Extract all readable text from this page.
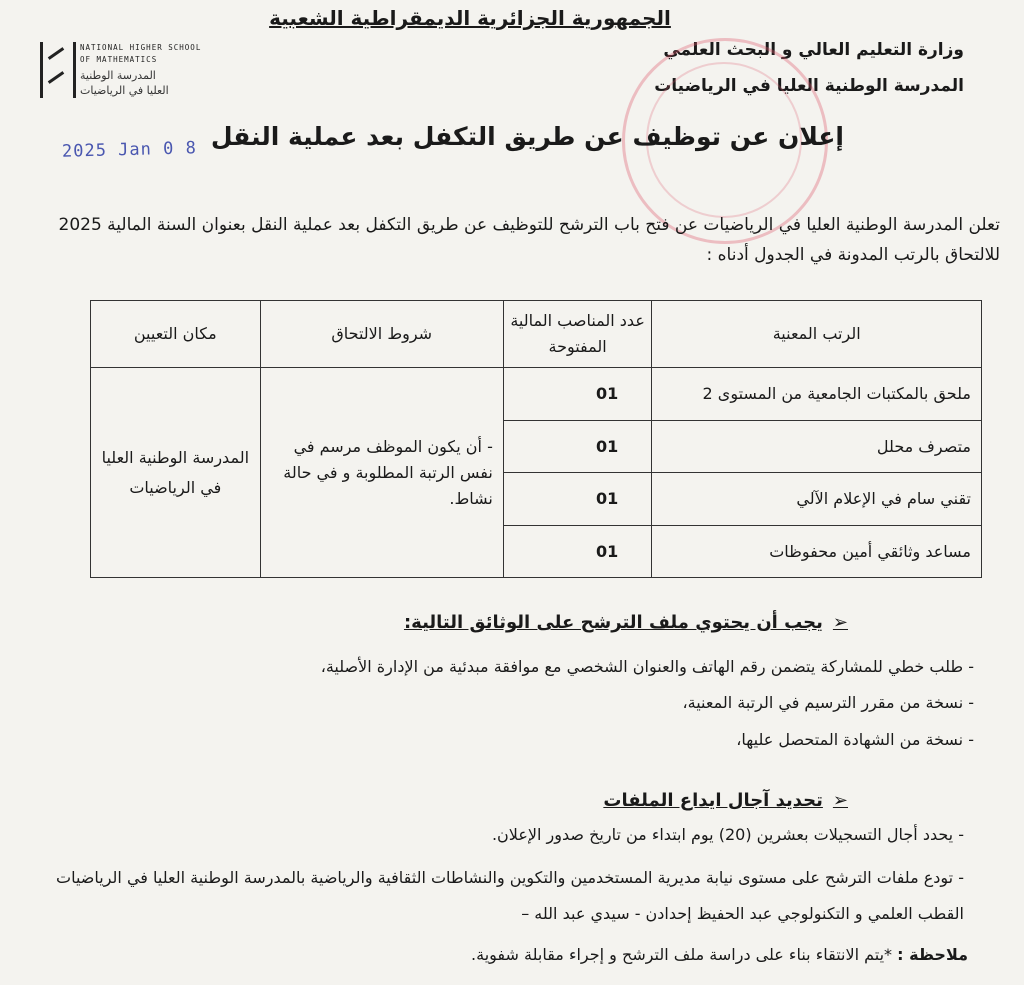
الجمهورية الجزائرية الديمقراطية الشعبية
وزارة التعليم العالي و البحث العلمي
المدرسة الوطنية العليا في الرياضيات
NATIONAL HIGHER SCHOOL
OF MATHEMATICS
المدرسة الوطنية
العليا في الرياضيات
2025 Jan 0 8 إعلان عن توظيف عن طريق التكفل بعد عملية النقل
تعلن المدرسة الوطنية العليا في الرياضيات عن فتح باب الترشح للتوظيف عن طريق التكفل بعد عملية النقل بعنوان السنة المالية 2025 للالتحاق بالرتب المدونة في الجدول أدناه :
الرتب المعنية	عدد المناصب المالية المفتوحة	شروط الالتحاق	مكان التعيين
ملحق بالمكتبات الجامعية من المستوى 2	01	- أن يكون الموظف مرسم في نفس الرتبة المطلوبة و في حالة نشاط.	المدرسة الوطنية العليا في الرياضيات
متصرف محلل	01		
تقني سام في الإعلام الآلي	01		
مساعد وثائقي أمين محفوظات	01		
➢يجب أن يحتوي ملف الترشح على الوثائق التالية:
- طلب خطي للمشاركة يتضمن رقم الهاتف والعنوان الشخصي مع موافقة مبدئية من الإدارة الأصلية،
- نسخة من مقرر الترسيم في الرتبة المعنية،
- نسخة من الشهادة المتحصل عليها،
➢تحديد آجال ايداع الملفات
- يحدد أجال التسجيلات بعشرين (20) يوم ابتداء من تاريخ صدور الإعلان.
- تودع ملفات الترشح على مستوى نيابة مديرية المستخدمين والتكوين والنشاطات الثقافية والرياضية بالمدرسة الوطنية العليا في الرياضيات القطب العلمي و التكنولوجي عبد الحفيظ إحدادن - سيدي عبد الله –
ملاحظة : *يتم الانتقاء بناء على دراسة ملف الترشح و إجراء مقابلة شفوية.
